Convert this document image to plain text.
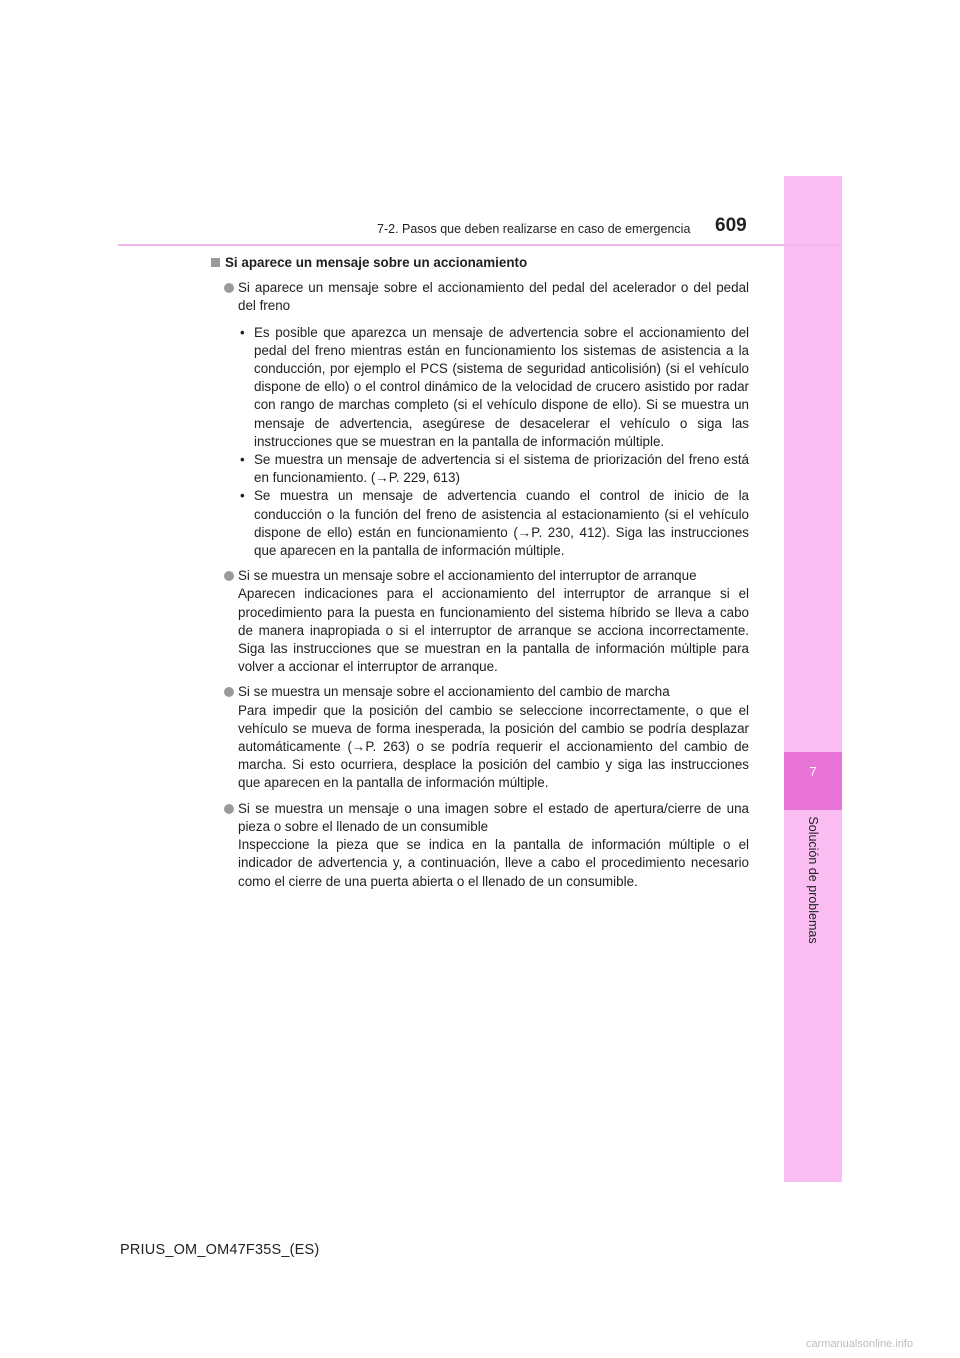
7
Solución de problemas
7-2. Pasos que deben realizarse en caso de emergencia 609
Si aparece un mensaje sobre un accionamiento

Si aparece un mensaje sobre el accionamiento del pedal del acelerador o del pedal del freno

• Es posible que aparezca un mensaje de advertencia sobre el accionamiento del pedal del freno mientras están en funcionamiento los sistemas de asistencia a la conducción, por ejemplo el PCS (sistema de seguridad anticolisión) (si el vehículo dispone de ello) o el control dinámico de la velocidad de crucero asistido por radar con rango de marchas completo (si el vehículo dispone de ello). Si se muestra un mensaje de advertencia, asegúrese de desacelerar el vehículo o siga las instrucciones que se muestran en la pantalla de información múltiple.
• Se muestra un mensaje de advertencia si el sistema de priorización del freno está en funcionamiento. (→P. 229, 613)
• Se muestra un mensaje de advertencia cuando el control de inicio de la conducción o la función del freno de asistencia al estacionamiento (si el vehículo dispone de ello) están en funcionamiento (→P. 230, 412). Siga las instrucciones que aparecen en la pantalla de información múltiple.

Si se muestra un mensaje sobre el accionamiento del interruptor de arranque

Aparecen indicaciones para el accionamiento del interruptor de arranque si el procedimiento para la puesta en funcionamiento del sistema híbrido se lleva a cabo de manera inapropiada o si el interruptor de arranque se acciona incorrectamente. Siga las instrucciones que se muestran en la pantalla de información múltiple para volver a accionar el interruptor de arranque.

Si se muestra un mensaje sobre el accionamiento del cambio de marcha

Para impedir que la posición del cambio se seleccione incorrectamente, o que el vehículo se mueva de forma inesperada, la posición del cambio se podría desplazar automáticamente (→P. 263) o se podría requerir el accionamiento del cambio de marcha. Si esto ocurriera, desplace la posición del cambio y siga las instrucciones que aparecen en la pantalla de información múltiple.

Si se muestra un mensaje o una imagen sobre el estado de apertura/cierre de una pieza o sobre el llenado de un consumible

Inspeccione la pieza que se indica en la pantalla de información múltiple o el indicador de advertencia y, a continuación, lleve a cabo el procedimiento necesario como el cierre de una puerta abierta o el llenado de un consumible.

PRIUS_OM_OM47F35S_(ES)
carmanualsonline.info
